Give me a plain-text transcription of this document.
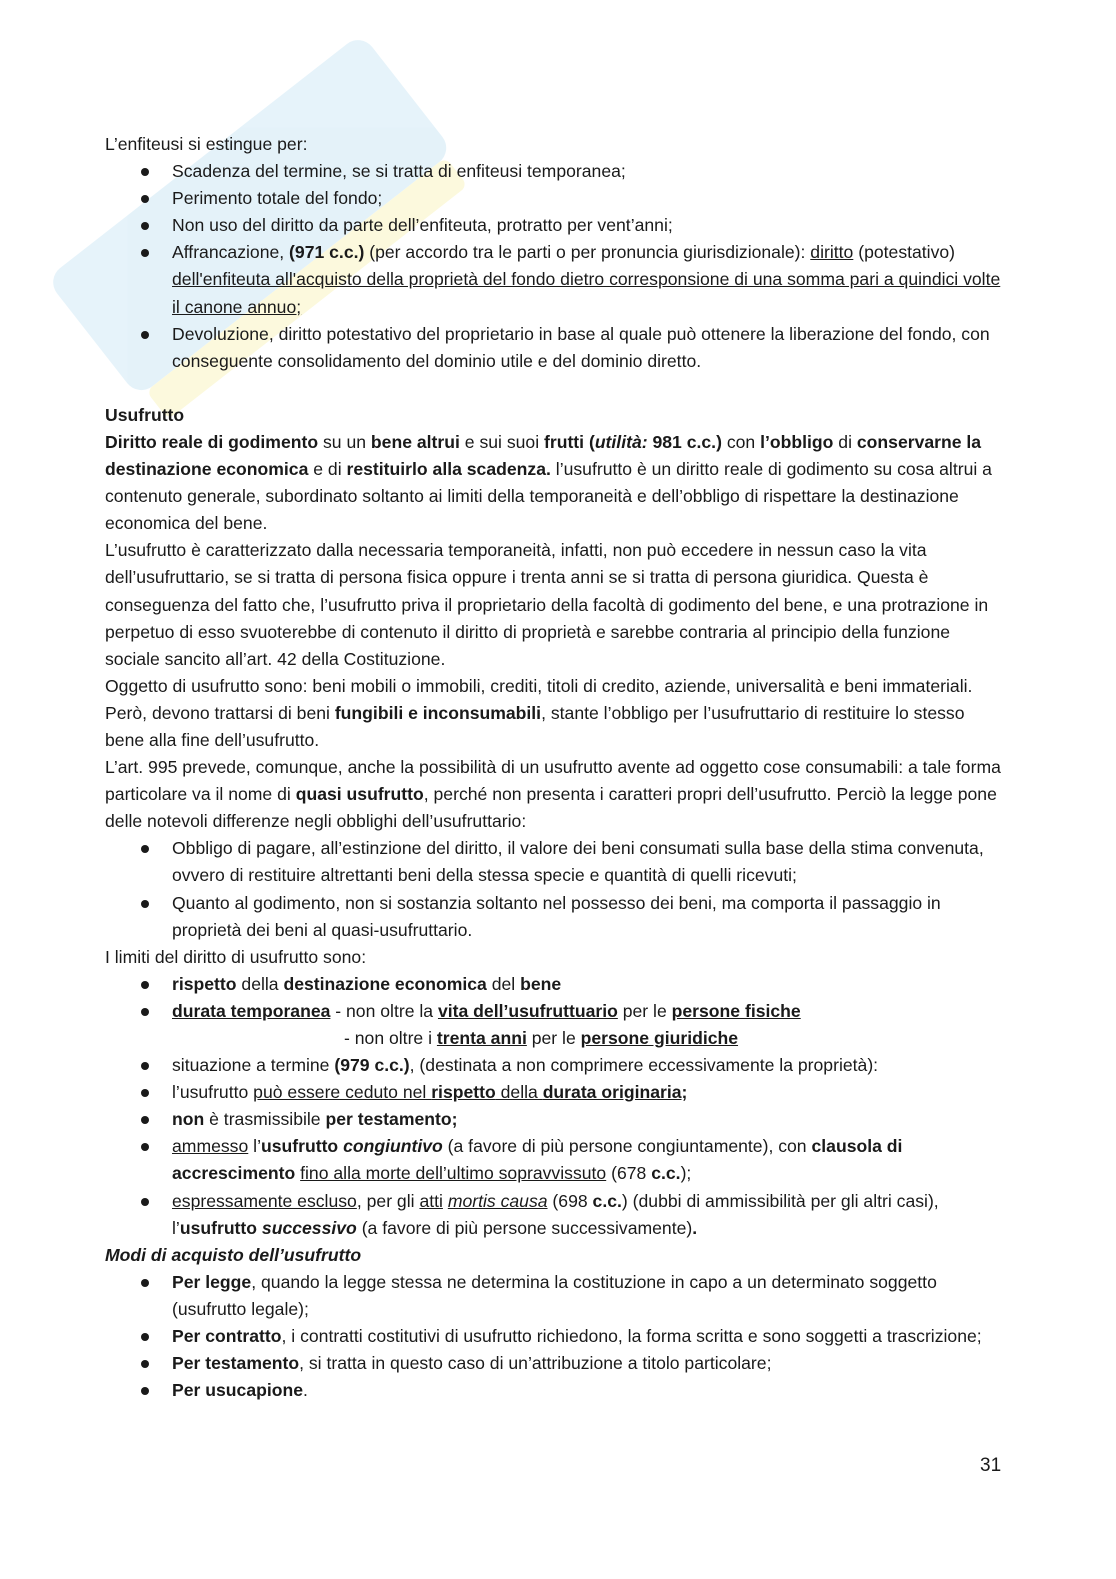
L’enfiteusi si estingue per:

Scadenza del termine, se si tratta di enfiteusi temporanea;
Perimento totale del fondo;
Non uso del diritto da parte dell’enfiteuta, protratto per vent’anni;
Affrancazione, (971 c.c.) (per accordo tra le parti o per pronuncia giurisdizionale): diritto (potestativo) dell'enfiteuta all'acquisto della proprietà del fondo dietro corresponsione di una somma pari a quindici volte il canone annuo;
Devoluzione, diritto potestativo del proprietario in base al quale può ottenere la liberazione del fondo, con conseguente consolidamento del dominio utile e del dominio diretto.

Usufrutto

Diritto reale di godimento su un bene altrui e sui suoi frutti (utilità: 981 c.c.) con l’obbligo di conservarne la destinazione economica e di restituirlo alla scadenza. l’usufrutto è un diritto reale di godimento su cosa altrui a contenuto generale, subordinato soltanto ai limiti della temporaneità e dell’obbligo di rispettare la destinazione economica del bene.

L’usufrutto è caratterizzato dalla necessaria temporaneità, infatti, non può eccedere in nessun caso la vita dell’usufruttario, se si tratta di persona fisica oppure i trenta anni se si tratta di persona giuridica. Questa è conseguenza del fatto che, l’usufrutto priva il proprietario della facoltà di godimento del bene, e una protrazione in perpetuo di esso svuoterebbe di contenuto il diritto di proprietà e sarebbe contraria al principio della funzione sociale sancito all’art. 42 della Costituzione.

Oggetto di usufrutto sono: beni mobili o immobili, crediti, titoli di credito, aziende, universalità e beni immateriali. Però, devono trattarsi di beni fungibili e inconsumabili, stante l’obbligo per l’usufruttario di restituire lo stesso bene alla fine dell’usufrutto.

L’art. 995 prevede, comunque, anche la possibilità di un usufrutto avente ad oggetto cose consumabili: a tale forma particolare va il nome di quasi usufrutto, perché non presenta i caratteri propri dell’usufrutto. Perciò la legge pone delle notevoli differenze negli obblighi dell’usufruttario:

Obbligo di pagare, all’estinzione del diritto, il valore dei beni consumati sulla base della stima convenuta, ovvero di restituire altrettanti beni della stessa specie e quantità di quelli ricevuti;
Quanto al godimento, non si sostanzia soltanto nel possesso dei beni, ma comporta il passaggio in proprietà dei beni al quasi-usufruttario.

I limiti del diritto di usufrutto sono:

rispetto della destinazione economica del bene
durata temporanea - non oltre la vita dell’usufruttuario per le persone fisiche
- non oltre i trenta anni per le persone giuridiche
situazione a termine (979 c.c.), (destinata a non comprimere eccessivamente la proprietà):
l’usufrutto può essere ceduto nel rispetto della durata originaria;
non è trasmissibile per testamento;
ammesso l’usufrutto congiuntivo (a favore di più persone congiuntamente), con clausola di accrescimento fino alla morte dell’ultimo sopravvissuto (678 c.c.);
espressamente escluso, per gli atti mortis causa (698 c.c.) (dubbi di ammissibilità per gli altri casi), l’usufrutto successivo (a favore di più persone successivamente).

Modi di acquisto dell’usufrutto

Per legge, quando la legge stessa ne determina la costituzione in capo a un determinato soggetto (usufrutto legale);
Per contratto, i contratti costitutivi di usufrutto richiedono, la forma scritta e sono soggetti a trascrizione;
Per testamento, si tratta in questo caso di un’attribuzione a titolo particolare;
Per usucapione.
31
